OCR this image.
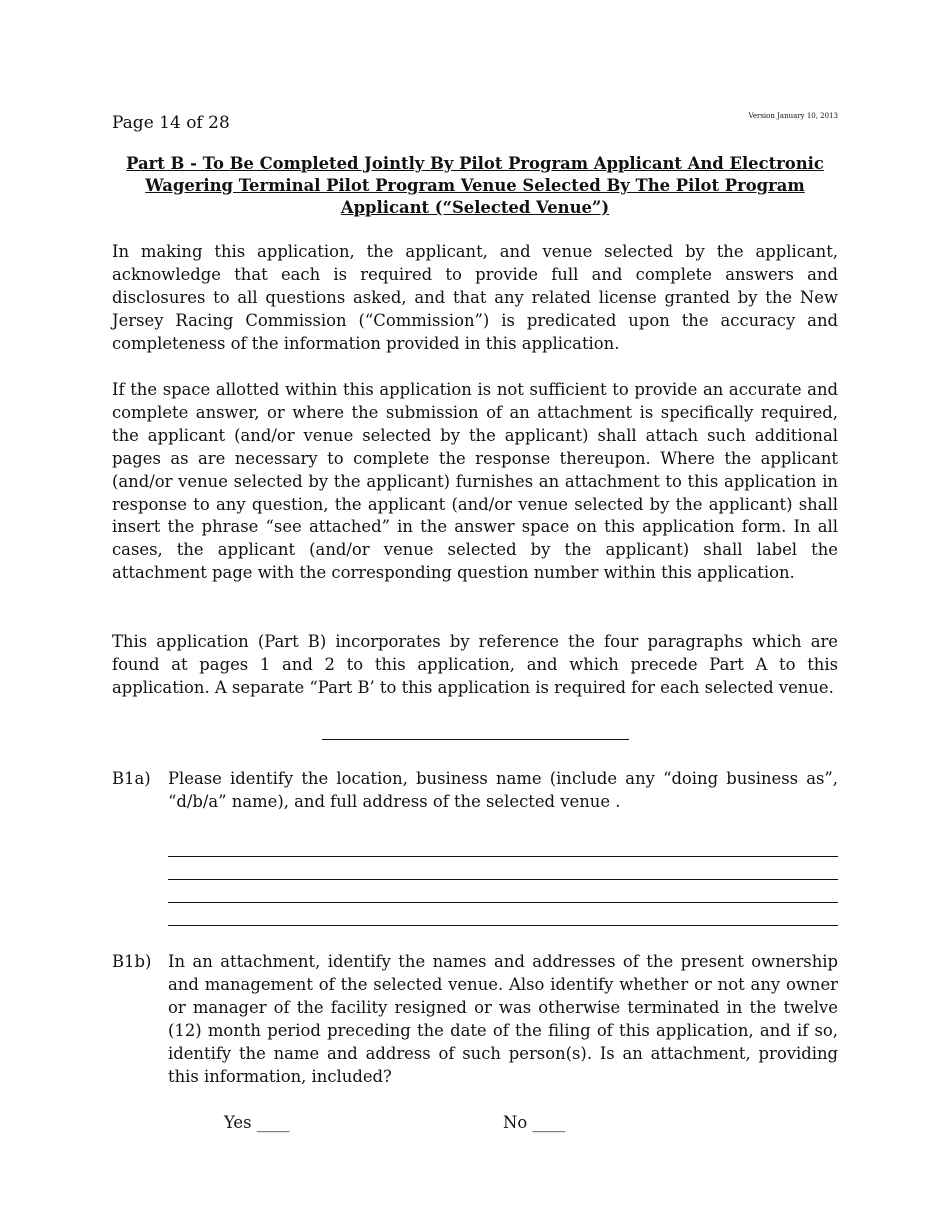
Page 14 of 28	Version January 10, 2013
Part B - To Be Completed Jointly By Pilot Program Applicant And Electronic Wagering Terminal Pilot Program Venue Selected By The Pilot Program Applicant (“Selected Venue”)

In making this application, the applicant, and venue selected by the applicant, acknowledge that each is required to provide full and complete answers and disclosures to all questions asked, and that any related license granted by the New Jersey Racing Commission (“Commission”) is predicated upon the accuracy and completeness of the information provided in this application.

If the space allotted within this application is not sufficient to provide an accurate and complete answer, or where the submission of an attachment is specifically required, the applicant (and/or venue selected by the applicant) shall attach such additional pages as are necessary to complete the response thereupon. Where the applicant (and/or venue selected by the applicant) furnishes an attachment to this application in response to any question, the applicant (and/or venue selected by the applicant) shall insert the phrase “see attached” in the answer space on this application form. In all cases, the applicant (and/or venue selected by the applicant) shall label the attachment page with the corresponding question number within this application.

This application (Part B) incorporates by reference the four paragraphs which are found at pages 1 and 2 to this application, and which precede Part A to this application. A separate “Part B’ to this application is required for each selected venue.

B1a) Please identify the location, business name (include any “doing business as”, “d/b/a” name), and full address of the selected venue .

B1b) In an attachment, identify the names and addresses of the present ownership and management of the selected venue. Also identify whether or not any owner or manager of the facility resigned or was otherwise terminated in the twelve (12) month period preceding the date of the filing of this application, and if so, identify the name and address of such person(s). Is an attachment, providing this information, included?

Yes ____	No ____
